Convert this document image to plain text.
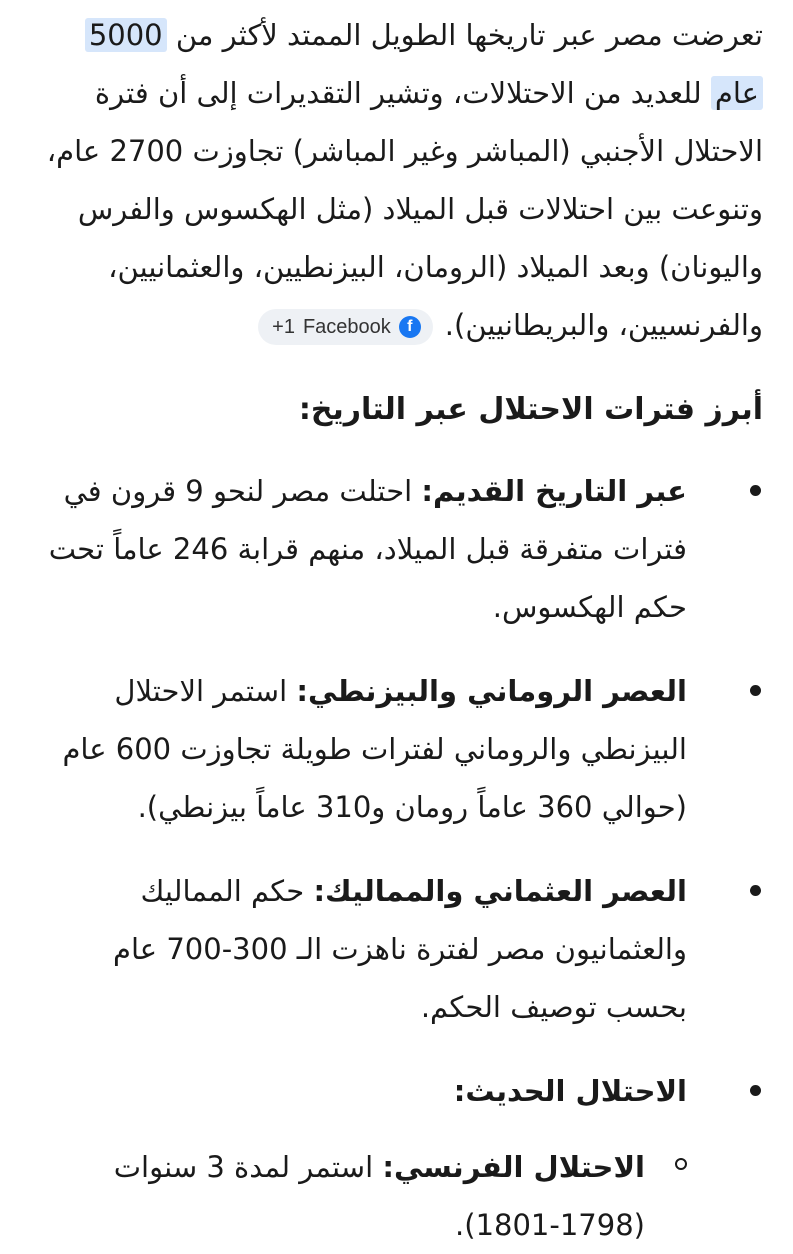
تعرضت مصر عبر تاريخها الطويل الممتد لأكثر من 5000 عام للعديد من الاحتلالات، وتشير التقديرات إلى أن فترة الاحتلال الأجنبي (المباشر وغير المباشر) تجاوزت 2700 عام، وتنوعت بين احتلالات قبل الميلاد (مثل الهكسوس والفرس واليونان) وبعد الميلاد (الرومان، البيزنطيين، والعثمانيين، والفرنسيين، والبريطانيين).
+1 Facebook	f

أبرز فترات الاحتلال عبر التاريخ:
عبر التاريخ القديم: احتلت مصر لنحو 9 قرون في فترات متفرقة قبل الميلاد، منهم قرابة 246 عاماً تحت حكم الهكسوس.
العصر الروماني والبيزنطي: استمر الاحتلال البيزنطي والروماني لفترات طويلة تجاوزت 600 عام (حوالي 360 عاماً رومان و310 عاماً بيزنطي).
العصر العثماني والمماليك: حكم المماليك والعثمانيون مصر لفترة ناهزت الـ 300-700 عام بحسب توصيف الحكم.
الاحتلال الحديث:
الاحتلال الفرنسي: استمر لمدة 3 سنوات (1798-1801).
